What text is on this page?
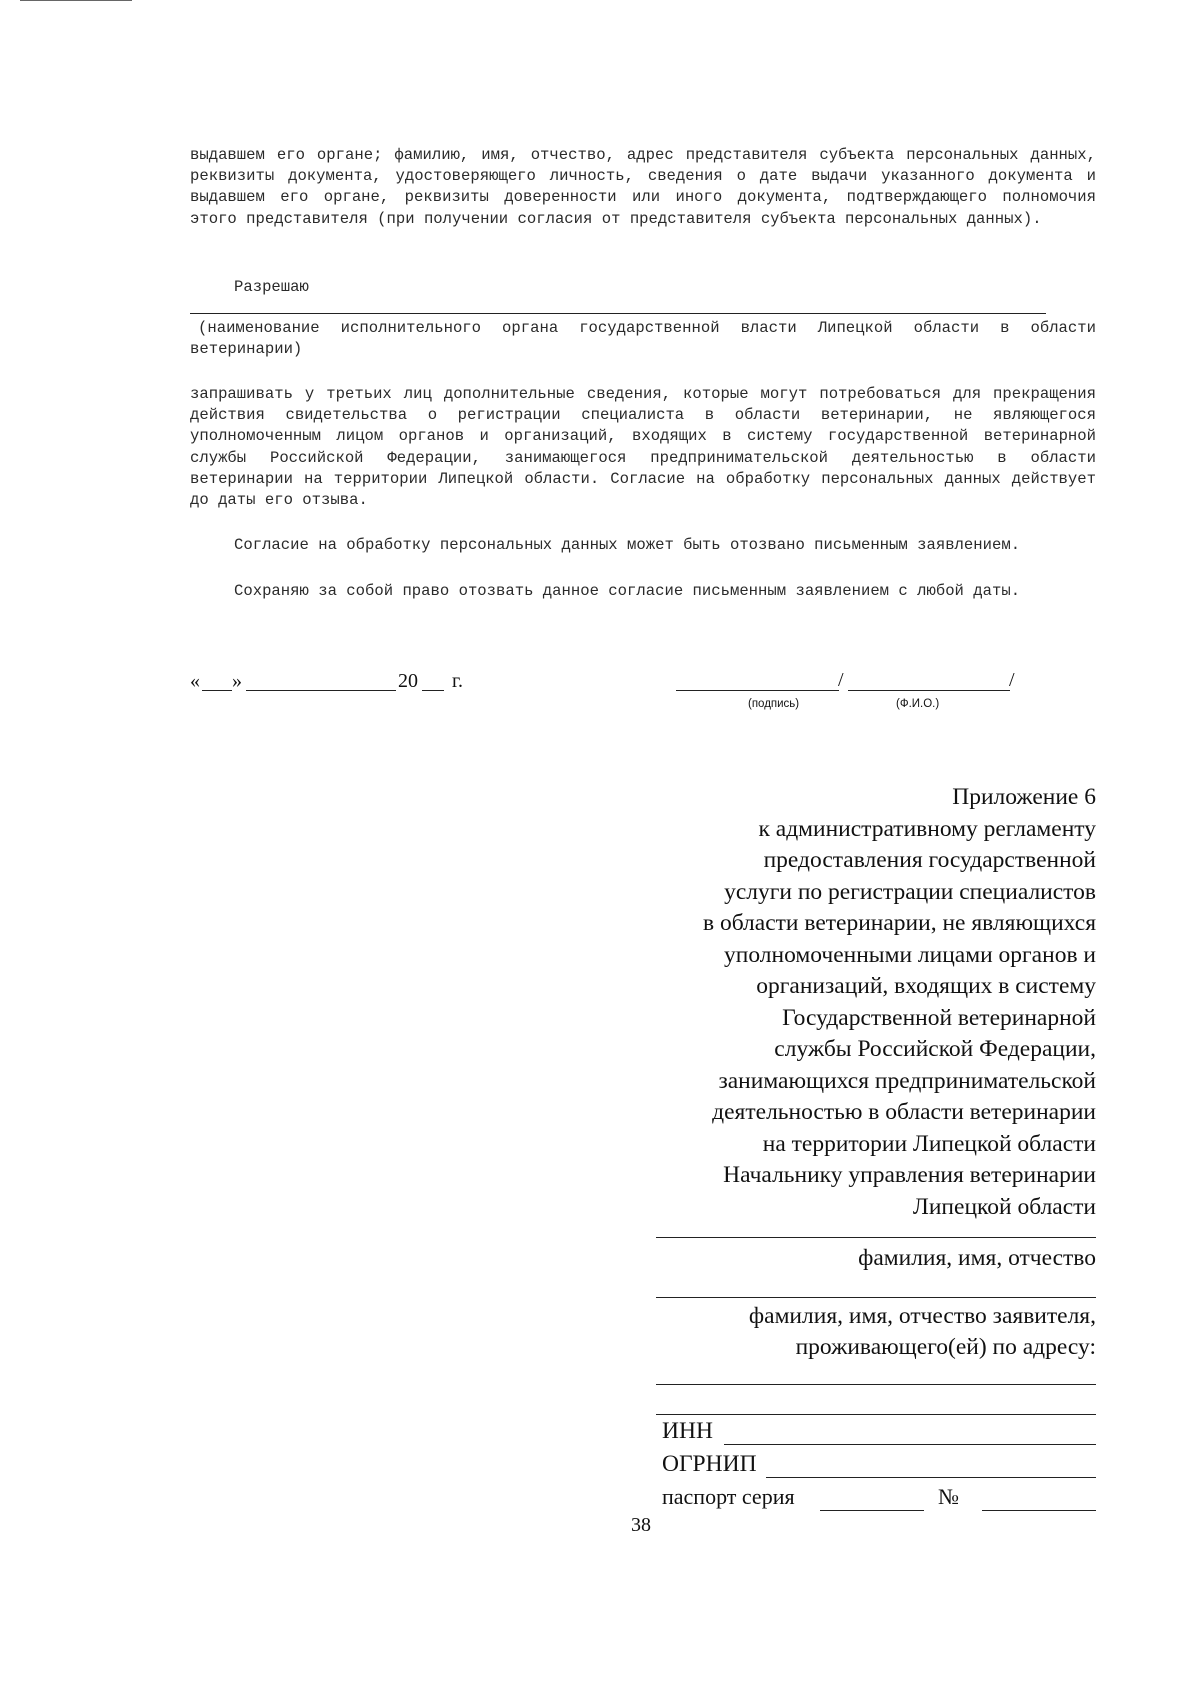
выдавшем его органе; фамилию, имя, отчество, адрес представителя субъекта персональных данных, реквизиты документа, удостоверяющего личность, сведения о дате выдачи указанного документа и выдавшем его органе, реквизиты доверенности или иного документа, подтверждающего полномочия этого представителя (при получении согласия от представителя субъекта персональных данных).
Разрешаю
(наименование исполнительного органа государственной власти Липецкой области в области ветеринарии)
запрашивать у третьих лиц дополнительные сведения, которые могут потребоваться для прекращения действия свидетельства о регистрации специалиста в области ветеринарии, не являющегося уполномоченным лицом органов и организаций, входящих в систему государственной ветеринарной службы Российской Федерации, занимающегося предпринимательской деятельностью в области ветеринарии на территории Липецкой области. Согласие на обработку персональных данных действует до даты его отзыва.
Согласие на обработку персональных данных может быть отозвано письменным заявлением.
Сохраняю за собой право отозвать данное согласие письменным заявлением с любой даты.
« »	20 г.	/	/
(подпись)	(Ф.И.О.)
Приложение 6
к административному регламенту
предоставления государственной
услуги по регистрации специалистов
в области ветеринарии, не являющихся
уполномоченными лицами органов и
организаций, входящих в систему
Государственной ветеринарной
службы Российской Федерации,
занимающихся предпринимательской
деятельностью в области ветеринарии
на территории Липецкой области
Начальнику управления ветеринарии
Липецкой области
фамилия, имя, отчество
фамилия, имя, отчество заявителя,
проживающего(ей) по адресу:
ИНН
ОГРНИП
паспорт серия	№
38
